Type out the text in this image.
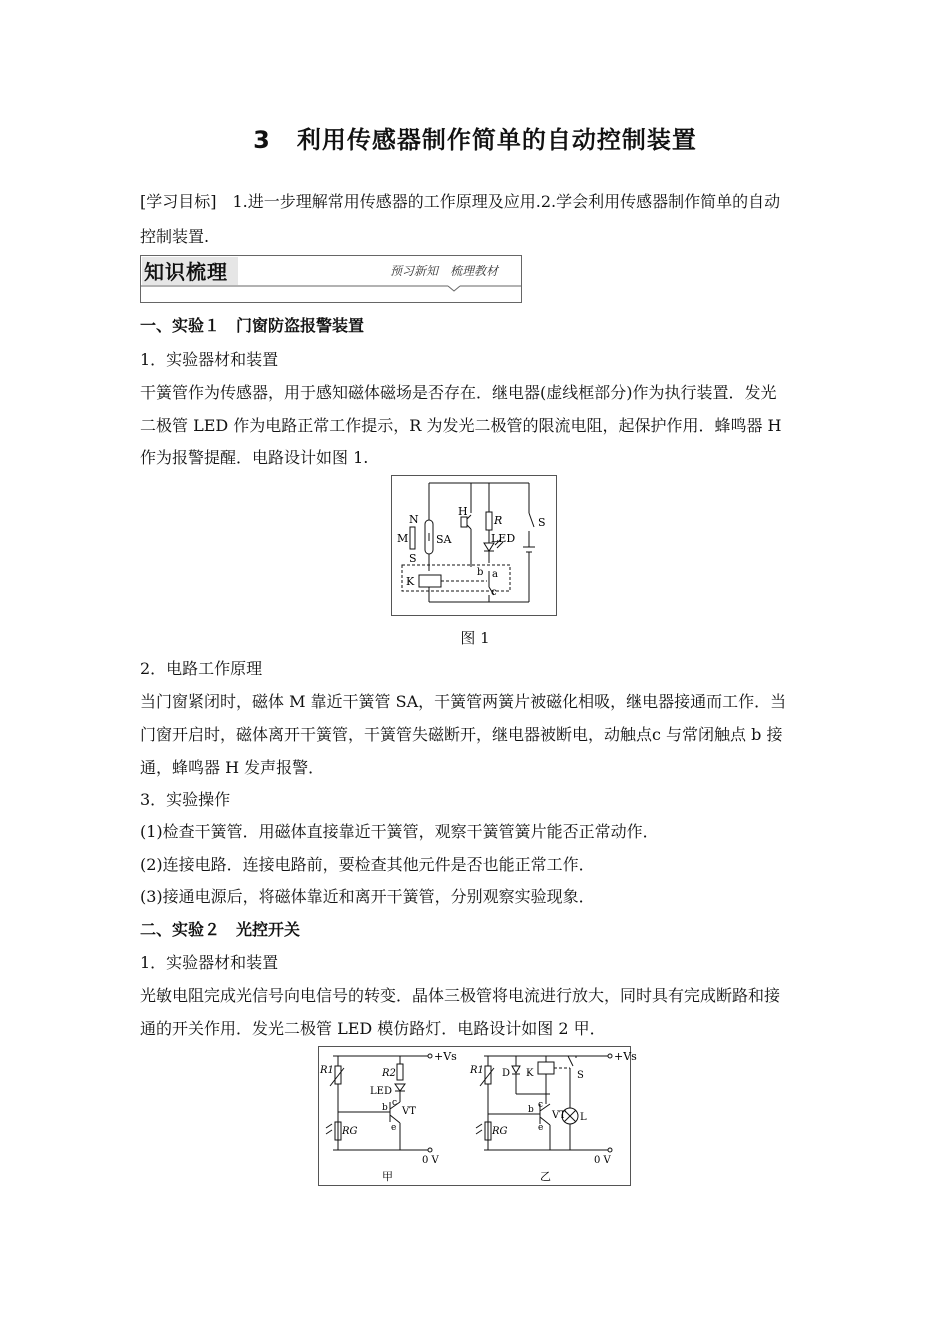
3 利用传感器制作简单的自动控制装置
[学习目标]　1.进一步理解常用传感器的工作原理及应用.2.学会利用传感器制作简单的自动
控制装置.
知识梳理	预习新知　梳理教材
一、实验１　门窗防盗报警装置
1．实验器材和装置
干簧管作为传感器，用于感知磁体磁场是否存在．继电器(虚线框部分)作为执行装置．发光
二极管 LED 作为电路正常工作提示，R 为发光二极管的限流电阻，起保护作用．蜂鸣器 H
作为报警提醒．电路设计如图 1.
N
M
S
SA
H
R
LED
S
K
b a
c
图 1
2．电路工作原理
当门窗紧闭时，磁体 M 靠近干簧管 SA，干簧管两簧片被磁化相吸，继电器接通而工作．当
门窗开启时，磁体离开干簧管，干簧管失磁断开，继电器被断电，动触点c 与常闭触点 b 接
通，蜂鸣器 H 发声报警．
3．实验操作
(1)检查干簧管．用磁体直接靠近干簧管，观察干簧管簧片能否正常动作．
(2)连接电路．连接电路前，要检查其他元件是否也能正常工作．
(3)接通电源后，将磁体靠近和离开干簧管，分别观察实验现象．
二、实验２　光控开关
1．实验器材和装置
光敏电阻完成光信号向电信号的转变．晶体三极管将电流进行放大，同时具有完成断路和接
通的开关作用．发光二极管 LED 模仿路灯．电路设计如图 2 甲．
+Vs
R1	R2
LED
VT
b c
e
RG
0 V
甲
+Vs
R1 D K	S
VT
b c
e
L
RG
0 V
乙
